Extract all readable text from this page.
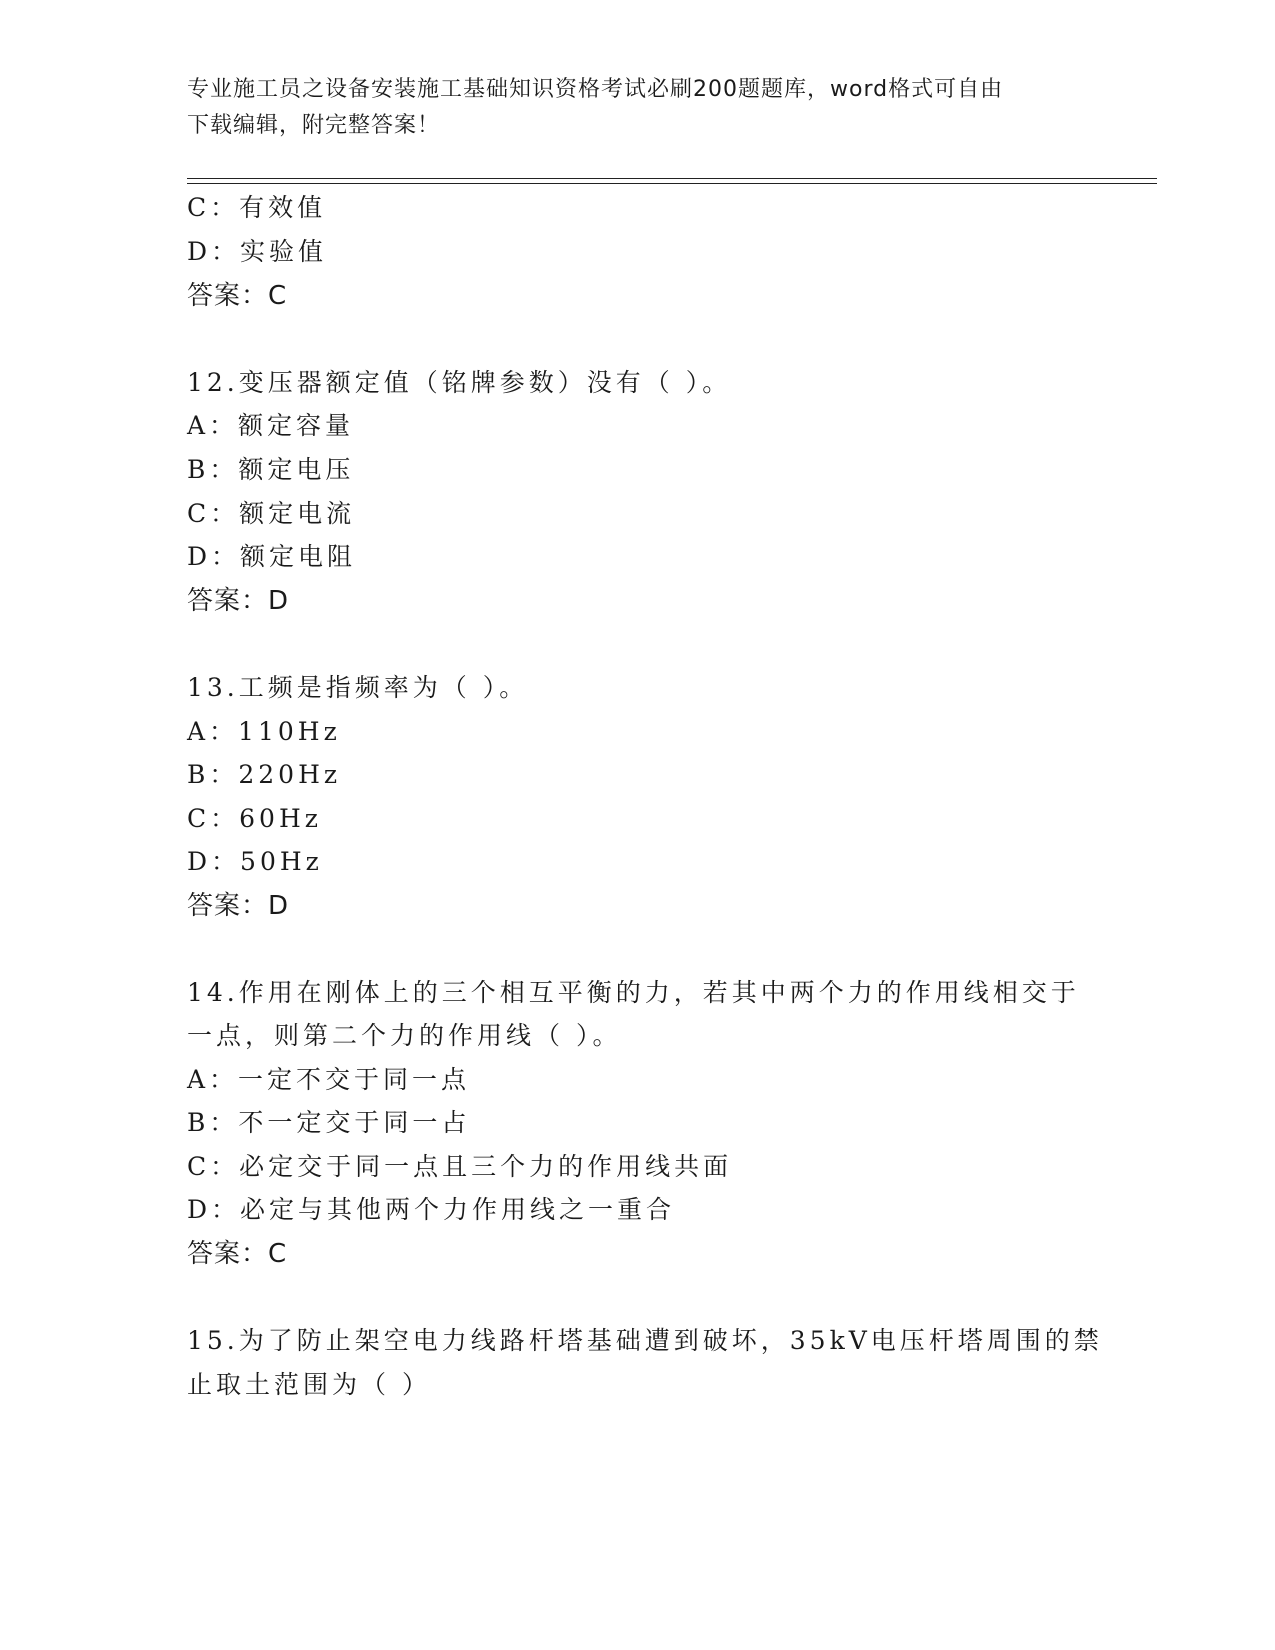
专业施工员之设备安装施工基础知识资格考试必刷200题题库，word格式可自由
下载编辑，附完整答案！
C：有效值
D：实验值
答案：C
12.变压器额定值（铭牌参数）没有（ ）。
A：额定容量
B：额定电压
C：额定电流
D：额定电阻
答案：D
13.工频是指频率为（ ）。
A：110Hz
B：220Hz
C：60Hz
D：50Hz
答案：D
14.作用在刚体上的三个相互平衡的力，若其中两个力的作用线相交于
一点，则第二个力的作用线（ ）。
A：一定不交于同一点
B：不一定交于同一占
C：必定交于同一点且三个力的作用线共面
D：必定与其他两个力作用线之一重合
答案：C
15.为了防止架空电力线路杆塔基础遭到破坏，35kV电压杆塔周围的禁
止取土范围为（ ）
